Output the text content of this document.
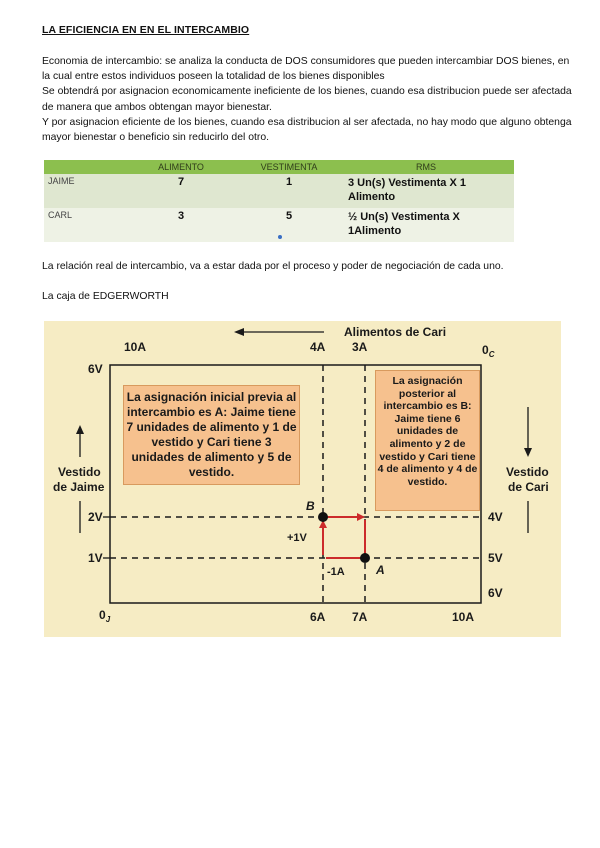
LA EFICIENCIA EN EN EL INTERCAMBIO

Economia de intercambio: se analiza la conducta de DOS consumidores que pueden intercambiar DOS bienes, en la cual entre estos individuos poseen la totalidad de los bienes disponibles

Se obtendrá por asignacion economicamente ineficiente de los bienes, cuando esa distribucion puede ser afectada de manera que ambos obtengan mayor bienestar.

Y por asignacion eficiente de los bienes, cuando esa distribucion al ser afectada, no hay modo que alguno obtenga mayor bienestar o beneficio sin reducirlo del otro.

	ALIMENTO	VESTIMENTA	RMS
JAIME	7	1	3 Un(s) Vestimenta X 1 Alimento
CARL	3	5	½ Un(s) Vestimenta X 1Alimento
La relación real de intercambio, va a estar dada por el proceso y poder de negociación de cada uno.
La caja de EDGERWORTH
Alimentos de Cari
10A	4A 3A	$0_C$
6V
2V
1V
4V
5V
6V
$0_J$	6A 7A	10A
Vestido
de Jaime
Vestido
de Cari
B
A
+1V
-1A
La asignación inicial previa al intercambio es A: Jaime tiene 7 unidades de alimento y 1 de vestido y Cari tiene 3 unidades de alimento y 5 de vestido.
La asignación posterior al intercambio es B: Jaime tiene 6 unidades de alimento y 2 de vestido y Cari tiene 4 de alimento y 4 de vestido.
